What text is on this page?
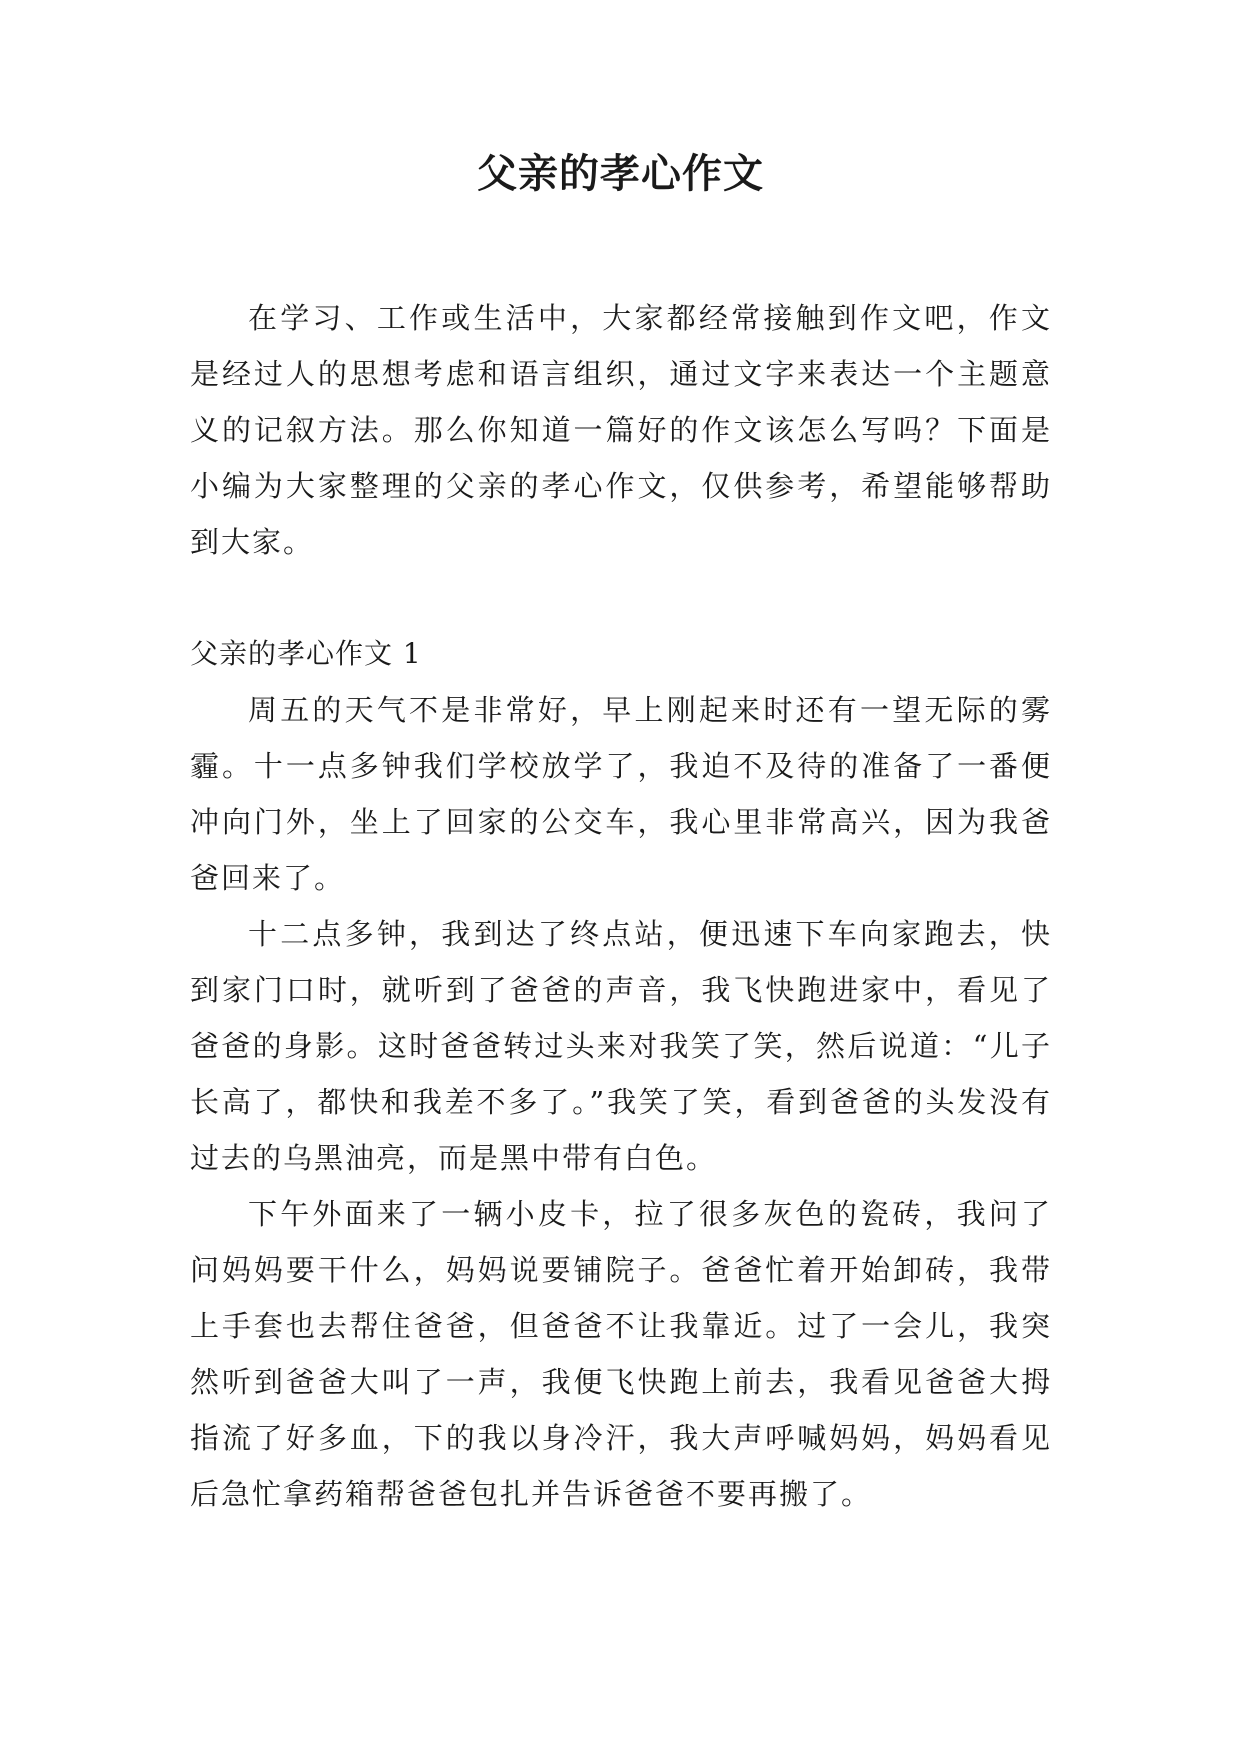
父亲的孝心作文

在学习、工作或生活中，大家都经常接触到作文吧，作文是经过人的思想考虑和语言组织，通过文字来表达一个主题意义的记叙方法。那么你知道一篇好的作文该怎么写吗？下面是小编为大家整理的父亲的孝心作文，仅供参考，希望能够帮助到大家。

父亲的孝心作文 1

周五的天气不是非常好，早上刚起来时还有一望无际的雾霾。十一点多钟我们学校放学了，我迫不及待的准备了一番便冲向门外，坐上了回家的公交车，我心里非常高兴，因为我爸爸回来了。

十二点多钟，我到达了终点站，便迅速下车向家跑去，快到家门口时，就听到了爸爸的声音，我飞快跑进家中，看见了爸爸的身影。这时爸爸转过头来对我笑了笑，然后说道：“儿子长高了，都快和我差不多了。”我笑了笑，看到爸爸的头发没有过去的乌黑油亮，而是黑中带有白色。

下午外面来了一辆小皮卡，拉了很多灰色的瓷砖，我问了问妈妈要干什么，妈妈说要铺院子。爸爸忙着开始卸砖，我带上手套也去帮住爸爸，但爸爸不让我靠近。过了一会儿，我突然听到爸爸大叫了一声，我便飞快跑上前去，我看见爸爸大拇指流了好多血，下的我以身冷汗，我大声呼喊妈妈，妈妈看见后急忙拿药箱帮爸爸包扎并告诉爸爸不要再搬了。
